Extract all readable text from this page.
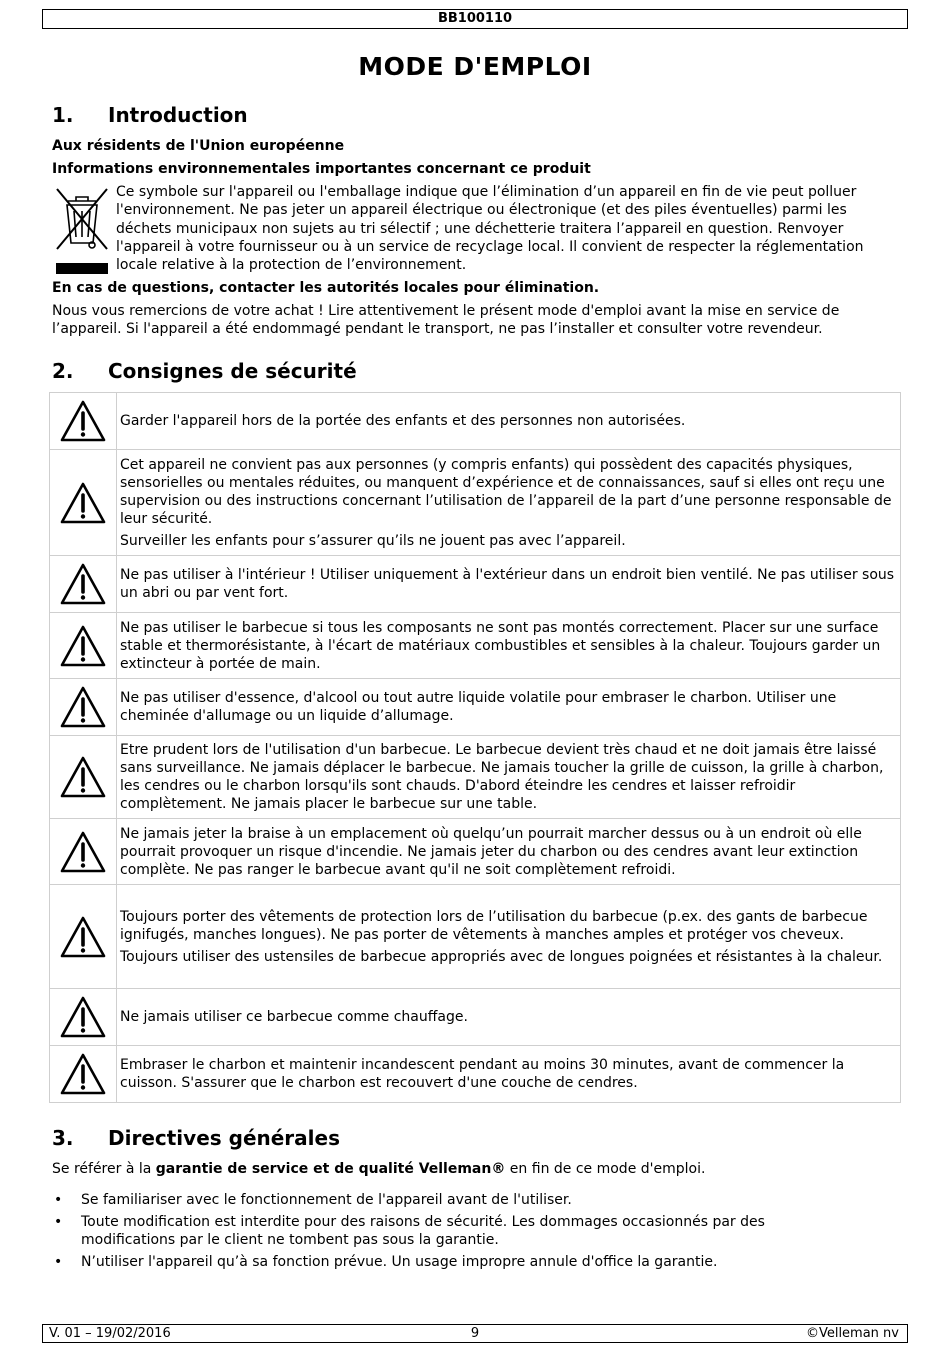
BB100110
MODE D'EMPLOI
1. Introduction
Aux résidents de l'Union européenne
Informations environnementales importantes concernant ce produit
Ce symbole sur l'appareil ou l'emballage indique que l’élimination d’un appareil en fin de vie peut polluer l'environnement. Ne pas jeter un appareil électrique ou électronique (et des piles éventuelles) parmi les déchets municipaux non sujets au tri sélectif ; une déchetterie traitera l’appareil en question. Renvoyer l'appareil à votre fournisseur ou à un service de recyclage local. Il convient de respecter la réglementation locale relative à la protection de l’environnement.
En cas de questions, contacter les autorités locales pour élimination.

Nous vous remercions de votre achat ! Lire attentivement le présent mode d'emploi avant la mise en service de l’appareil. Si l'appareil a été endommagé pendant le transport, ne pas l’installer et consulter votre revendeur.

2. Consignes de sécurité

Garder l'appareil hors de la portée des enfants et des personnes non autorisées.

Cet appareil ne convient pas aux personnes (y compris enfants) qui possèdent des capacités physiques, sensorielles ou mentales réduites, ou manquent d’expérience et de connaissances, sauf si elles ont reçu une supervision ou des instructions concernant l’utilisation de l’appareil de la part d’une personne responsable de leur sécurité.

Surveiller les enfants pour s’assurer qu’ils ne jouent pas avec l’appareil.

Ne pas utiliser à l'intérieur ! Utiliser uniquement à l'extérieur dans un endroit bien ventilé. Ne pas utiliser sous un abri ou par vent fort.

Ne pas utiliser le barbecue si tous les composants ne sont pas montés correctement. Placer sur une surface stable et thermorésistante, à l'écart de matériaux combustibles et sensibles à la chaleur. Toujours garder un extincteur à portée de main.

Ne pas utiliser d'essence, d'alcool ou tout autre liquide volatile pour embraser le charbon. Utiliser une cheminée d'allumage ou un liquide d’allumage.

Etre prudent lors de l'utilisation d'un barbecue. Le barbecue devient très chaud et ne doit jamais être laissé sans surveillance. Ne jamais déplacer le barbecue. Ne jamais toucher la grille de cuisson, la grille à charbon, les cendres ou le charbon lorsqu'ils sont chauds. D'abord éteindre les cendres et laisser refroidir complètement. Ne jamais placer le barbecue sur une table.

Ne jamais jeter la braise à un emplacement où quelqu’un pourrait marcher dessus ou à un endroit où elle pourrait provoquer un risque d'incendie. Ne jamais jeter du charbon ou des cendres avant leur extinction complète. Ne pas ranger le barbecue avant qu'il ne soit complètement refroidi.

Toujours porter des vêtements de protection lors de l’utilisation du barbecue (p.ex. des gants de barbecue ignifugés, manches longues). Ne pas porter de vêtements à manches amples et protéger vos cheveux.

Toujours utiliser des ustensiles de barbecue appropriés avec de longues poignées et résistantes à la chaleur.

Ne jamais utiliser ce barbecue comme chauffage.

Embraser le charbon et maintenir incandescent pendant au moins 30 minutes, avant de commencer la cuisson. S'assurer que le charbon est recouvert d'une couche de cendres.

3. Directives générales

Se référer à la garantie de service et de qualité Velleman® en fin de ce mode d'emploi.

• Se familiariser avec le fonctionnement de l'appareil avant de l'utiliser.
• Toute modification est interdite pour des raisons de sécurité. Les dommages occasionnés par des modifications par le client ne tombent pas sous la garantie.
• N’utiliser l'appareil qu’à sa fonction prévue. Un usage impropre annule d'office la garantie.
V. 01 – 19/02/2016	9	©Velleman nv
